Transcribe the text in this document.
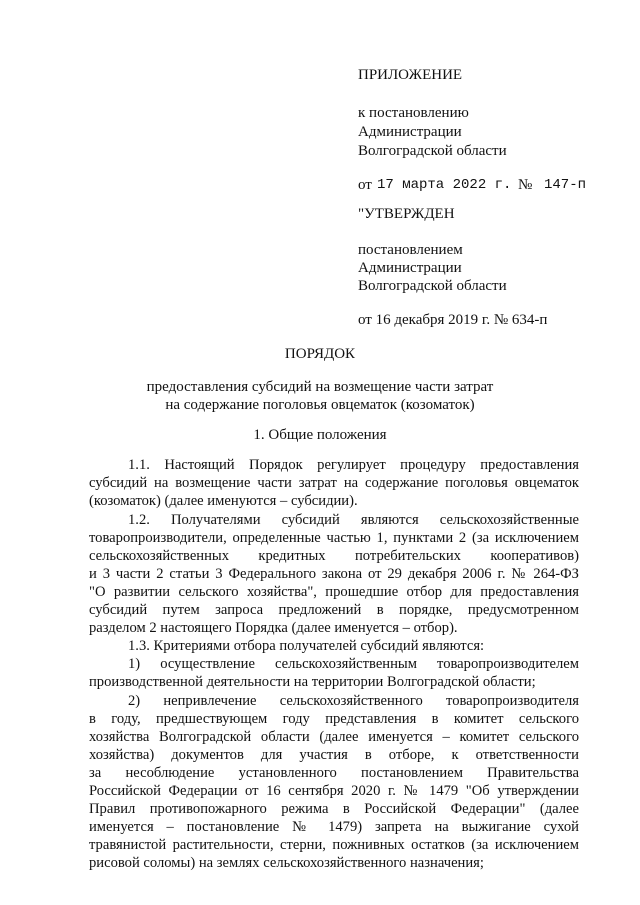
ПРИЛОЖЕНИЕ
к постановлению
Администрации
Волгоградской области
от 17 марта 2022 г. № 147-п
"УТВЕРЖДЕН
постановлением
Администрации
Волгоградской области
от 16 декабря 2019 г. № 634-п
ПОРЯДОК
предоставления субсидий на возмещение части затрат
на содержание поголовья овцематок (козоматок)
1. Общие положения
1.1. Настоящий Порядок регулирует процедуру предоставления
субсидий на возмещение части затрат на содержание поголовья овцематок
(козоматок) (далее именуются – субсидии).
1.2. Получателями субсидий являются сельскохозяйственные
товаропроизводители, определенные частью 1, пунктами 2 (за исключением
сельскохозяйственных кредитных потребительских кооперативов)
и 3 части 2 статьи 3 Федерального закона от 29 декабря 2006 г. № 264-ФЗ
"О развитии сельского хозяйства", прошедшие отбор для предоставления
субсидий путем запроса предложений в порядке, предусмотренном
разделом 2 настоящего Порядка (далее именуется – отбор).
1.3. Критериями отбора получателей субсидий являются:
1) осуществление сельскохозяйственным товаропроизводителем
производственной деятельности на территории Волгоградской области;
2) непривлечение сельскохозяйственного товаропроизводителя
в году, предшествующем году представления в комитет сельского
хозяйства Волгоградской области (далее именуется – комитет сельского
хозяйства) документов для участия в отборе, к ответственности
за несоблюдение установленного постановлением Правительства
Российской Федерации от 16 сентября 2020 г. № 1479 "Об утверждении
Правил противопожарного режима в Российской Федерации" (далее
именуется – постановление № 1479) запрета на выжигание сухой
травянистой растительности, стерни, пожнивных остатков (за исключением
рисовой соломы) на землях сельскохозяйственного назначения;
